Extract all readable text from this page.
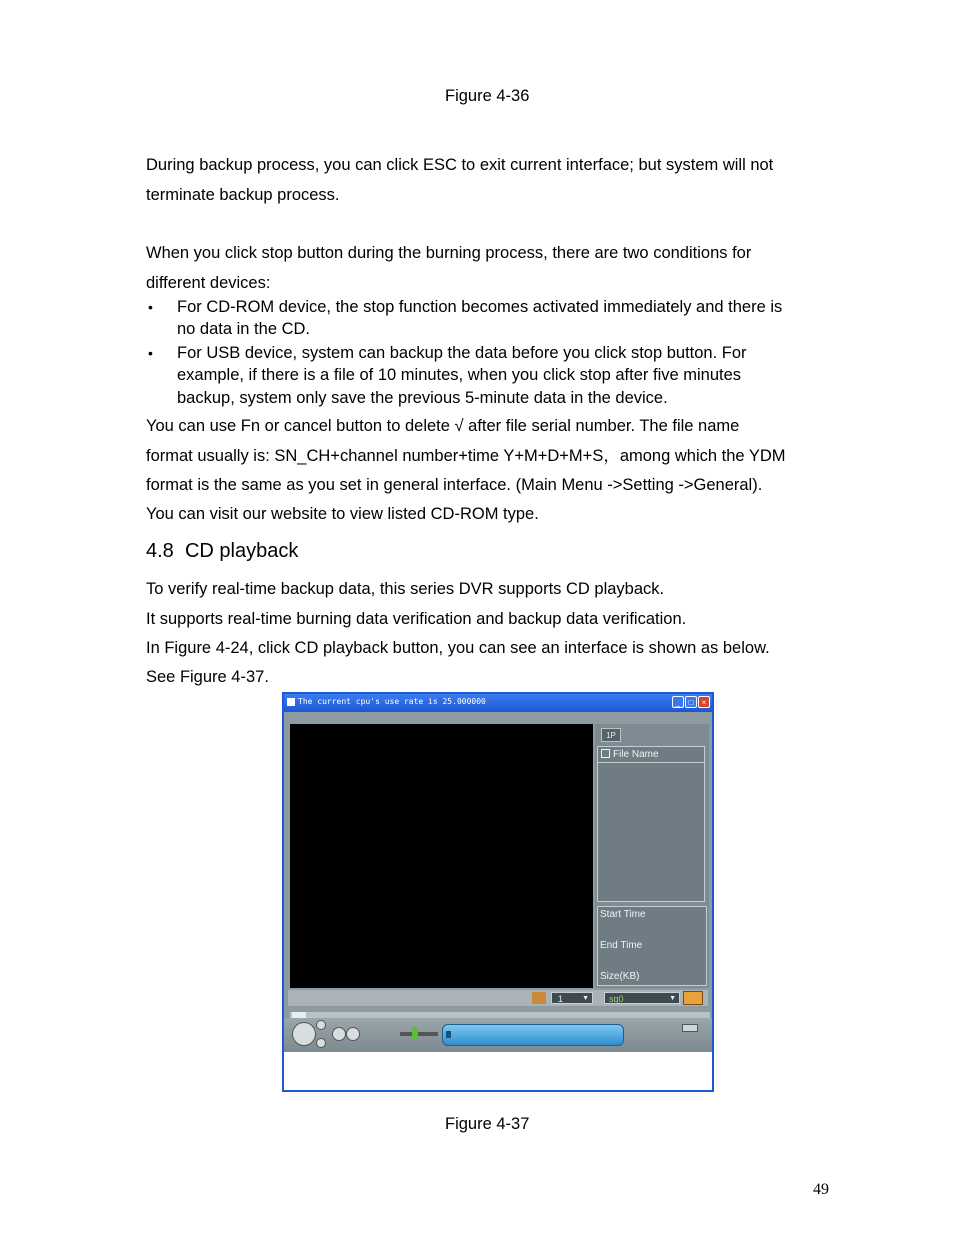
Figure 4-36
During backup process, you can click ESC to exit current interface; but system will not
terminate backup process.
When you click stop button during the burning process, there are two conditions for
different devices:
• For CD-ROM device, the stop function becomes activated immediately and there is
no data in the CD.
• For USB device, system can backup the data before you click stop button. For
example, if there is a file of 10 minutes, when you click stop after five minutes
backup, system only save the previous 5-minute data in the device.
You can use Fn or cancel button to delete √ after file serial number. The file name
format usually is: SN_CH+channel number+time Y+M+D+M+S，among which the YDM
format is the same as you set in general interface. (Main Menu ->Setting ->General).
You can visit our website to view listed CD-ROM type.
4.8 CD playback
To verify real-time backup data, this series DVR supports CD playback.
It supports real-time burning data verification and backup data verification.
In Figure 4-24, click CD playback button, you can see an interface is shown as below.
See Figure 4-37.
The current cpu's use rate is 25.000000	_	□	×
1P
File Name
Start Time
End Time
Size(KB)
1	▼	sg0	▼
Figure 4-37
49
